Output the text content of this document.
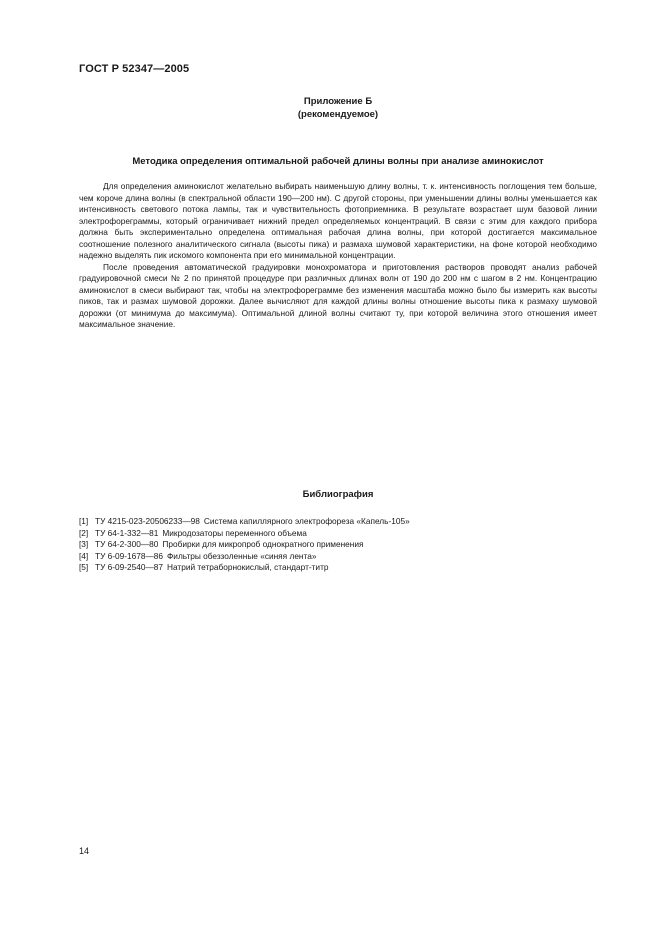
ГОСТ Р 52347—2005
Приложение Б
(рекомендуемое)
Методика определения оптимальной рабочей длины волны при анализе аминокислот

Для определения аминокислот желательно выбирать наименьшую длину волны, т. к. интенсивность поглощения тем больше, чем короче длина волны (в спектральной области 190—200 нм). С другой стороны, при уменьшении длины волны уменьшается как интенсивность светового потока лампы, так и чувствительность фотоприемника. В результате возрастает шум базовой линии электрофореграммы, который ограничивает нижний предел определяемых концентраций. В связи с этим для каждого прибора должна быть экспериментально определена оптимальная рабочая длина волны, при которой достигается максимальное соотношение полезного аналитического сигнала (высоты пика) и размаха шумовой характеристики, на фоне которой необходимо надежно выделять пик искомого компонента при его минимальной концентрации.

После проведения автоматической градуировки монохроматора и приготовления растворов проводят анализ рабочей градуировочной смеси № 2 по принятой процедуре при различных длинах волн от 190 до 200 нм с шагом в 2 нм. Концентрацию аминокислот в смеси выбирают так, чтобы на электрофореграмме без изменения масштаба можно было бы измерить как высоты пиков, так и размах шумовой дорожки. Далее вычисляют для каждой длины волны отношение высоты пика к размаху шумовой дорожки (от минимума до максимума). Оптимальной длиной волны считают ту, при которой величина этого отношения имеет максимальное значение.

Библиография
[1] ТУ 4215-023-20506233—98 Система капиллярного электрофореза «Капель-105»
[2] ТУ 64-1-332—81 Микродозаторы переменного объема
[3] ТУ 64-2-300—80 Пробирки для микропроб однократного применения
[4] ТУ 6-09-1678—86 Фильтры обеззоленные «синяя лента»
[5] ТУ 6-09-2540—87 Натрий тетраборнокислый, стандарт-титр
14
